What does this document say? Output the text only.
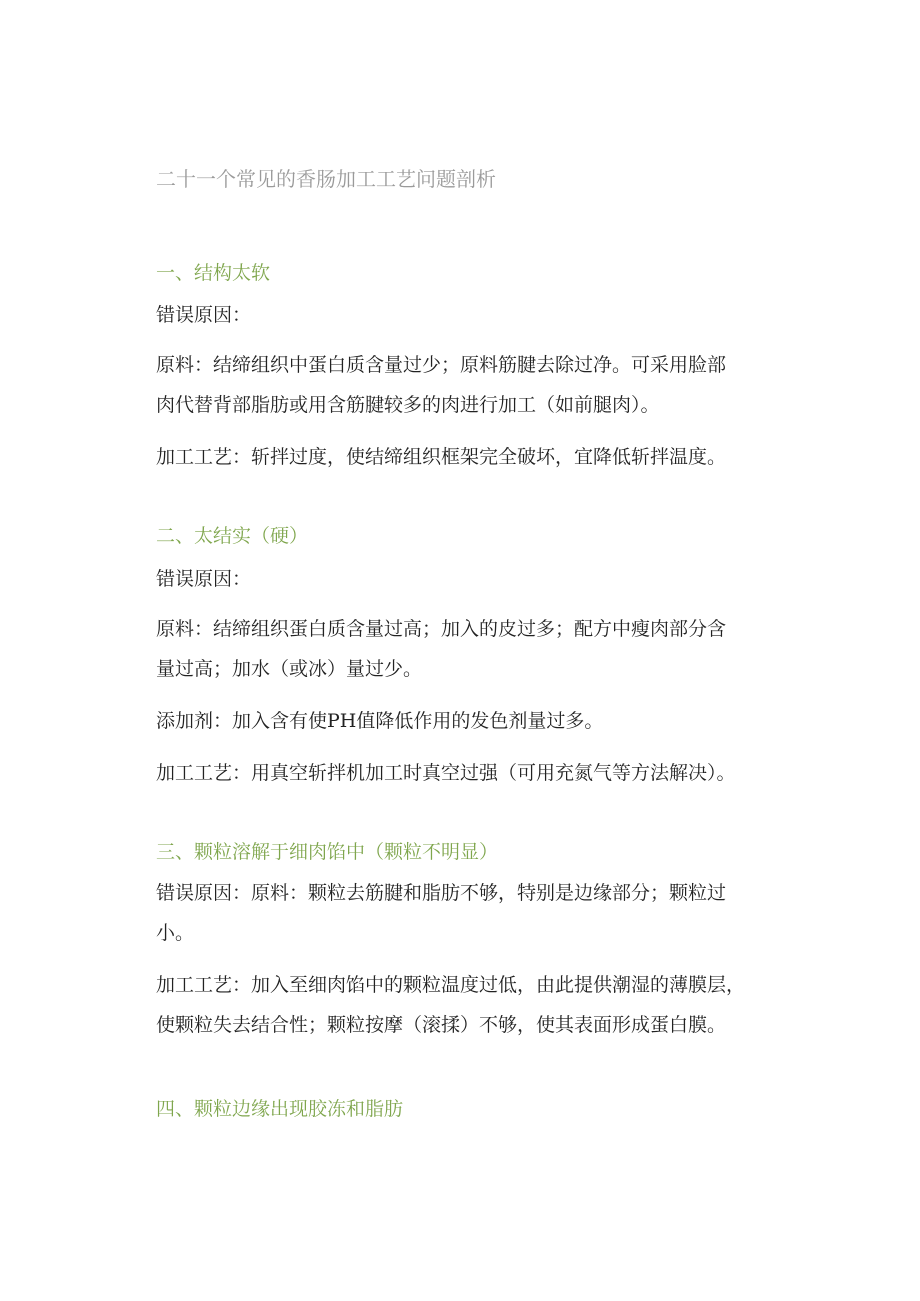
二十一个常见的香肠加工工艺问题剖析
一、结构太软
错误原因：
原料：结缔组织中蛋白质含量过少；原料筋腱去除过净。可采用脸部
肉代替背部脂肪或用含筋腱较多的肉进行加工（如前腿肉）。
加工工艺：斩拌过度，使结缔组织框架完全破坏，宜降低斩拌温度。
二、太结实（硬）
错误原因：
原料：结缔组织蛋白质含量过高；加入的皮过多；配方中瘦肉部分含
量过高；加水（或冰）量过少。
添加剂：加入含有使PH值降低作用的发色剂量过多。
加工工艺：用真空斩拌机加工时真空过强（可用充氮气等方法解决）。
三、颗粒溶解于细肉馅中（颗粒不明显）
错误原因：原料：颗粒去筋腱和脂肪不够，特别是边缘部分；颗粒过
小。
加工工艺：加入至细肉馅中的颗粒温度过低，由此提供潮湿的薄膜层，
使颗粒失去结合性；颗粒按摩（滚揉）不够，使其表面形成蛋白膜。
四、颗粒边缘出现胶冻和脂肪
